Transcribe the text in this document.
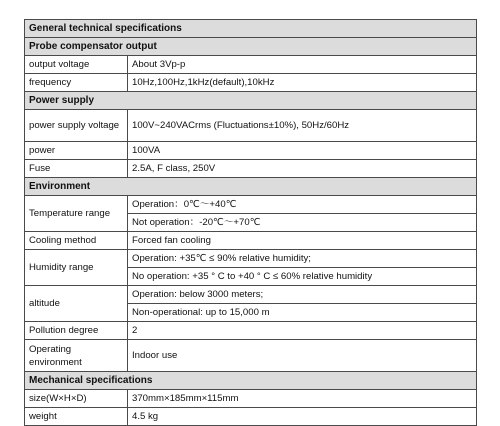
General technical specifications	
Probe compensator output	
output voltage	About 3Vp-p
frequency	10Hz,100Hz,1kHz(default),10kHz
Power supply	
power supply voltage	100V~240VACrms (Fluctuations±10%), 50Hz/60Hz
power	100VA
Fuse	2.5A, F class, 250V
Environment	
Temperature range	Operation：0℃～+40℃
	Not operation：-20℃～+70℃
Cooling method	Forced fan cooling
Humidity range	Operation: +35℃ ≤ 90% relative humidity;
	No operation: +35 ° C to +40 ° C ≤ 60% relative humidity
altitude	Operation: below 3000 meters;
	Non-operational: up to 15,000 m
Pollution degree	2
Operating environment	Indoor use
Mechanical specifications	
size(W×H×D)	370mm×185mm×115mm
weight	4.5 kg
